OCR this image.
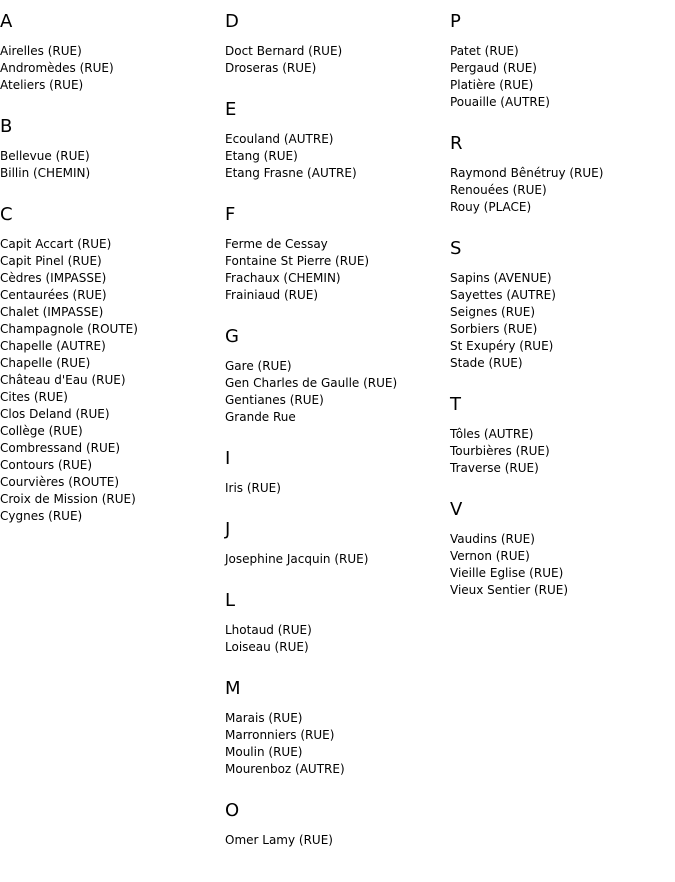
A
Airelles (RUE)
Andromèdes (RUE)
Ateliers (RUE)
B
Bellevue (RUE)
Billin (CHEMIN)
C
Capit Accart (RUE)
Capit Pinel (RUE)
Cèdres (IMPASSE)
Centaurées (RUE)
Chalet (IMPASSE)
Champagnole (ROUTE)
Chapelle (AUTRE)
Chapelle (RUE)
Château d'Eau (RUE)
Cites (RUE)
Clos Deland (RUE)
Collège (RUE)
Combressand (RUE)
Contours (RUE)
Courvières (ROUTE)
Croix de Mission (RUE)
Cygnes (RUE)
D
Doct Bernard (RUE)
Droseras (RUE)
E
Ecouland (AUTRE)
Etang (RUE)
Etang Frasne (AUTRE)
F
Ferme de Cessay
Fontaine St Pierre (RUE)
Frachaux (CHEMIN)
Frainiaud (RUE)
G
Gare (RUE)
Gen Charles de Gaulle (RUE)
Gentianes (RUE)
Grande Rue
I
Iris (RUE)
J
Josephine Jacquin (RUE)
L
Lhotaud (RUE)
Loiseau (RUE)
M
Marais (RUE)
Marronniers (RUE)
Moulin (RUE)
Mourenboz (AUTRE)
O
Omer Lamy (RUE)
P
Patet (RUE)
Pergaud (RUE)
Platière (RUE)
Pouaille (AUTRE)
R
Raymond Bênétruy (RUE)
Renouées (RUE)
Rouy (PLACE)
S
Sapins (AVENUE)
Sayettes (AUTRE)
Seignes (RUE)
Sorbiers (RUE)
St Exupéry (RUE)
Stade (RUE)
T
Tôles (AUTRE)
Tourbières (RUE)
Traverse (RUE)
V
Vaudins (RUE)
Vernon (RUE)
Vieille Eglise (RUE)
Vieux Sentier (RUE)
